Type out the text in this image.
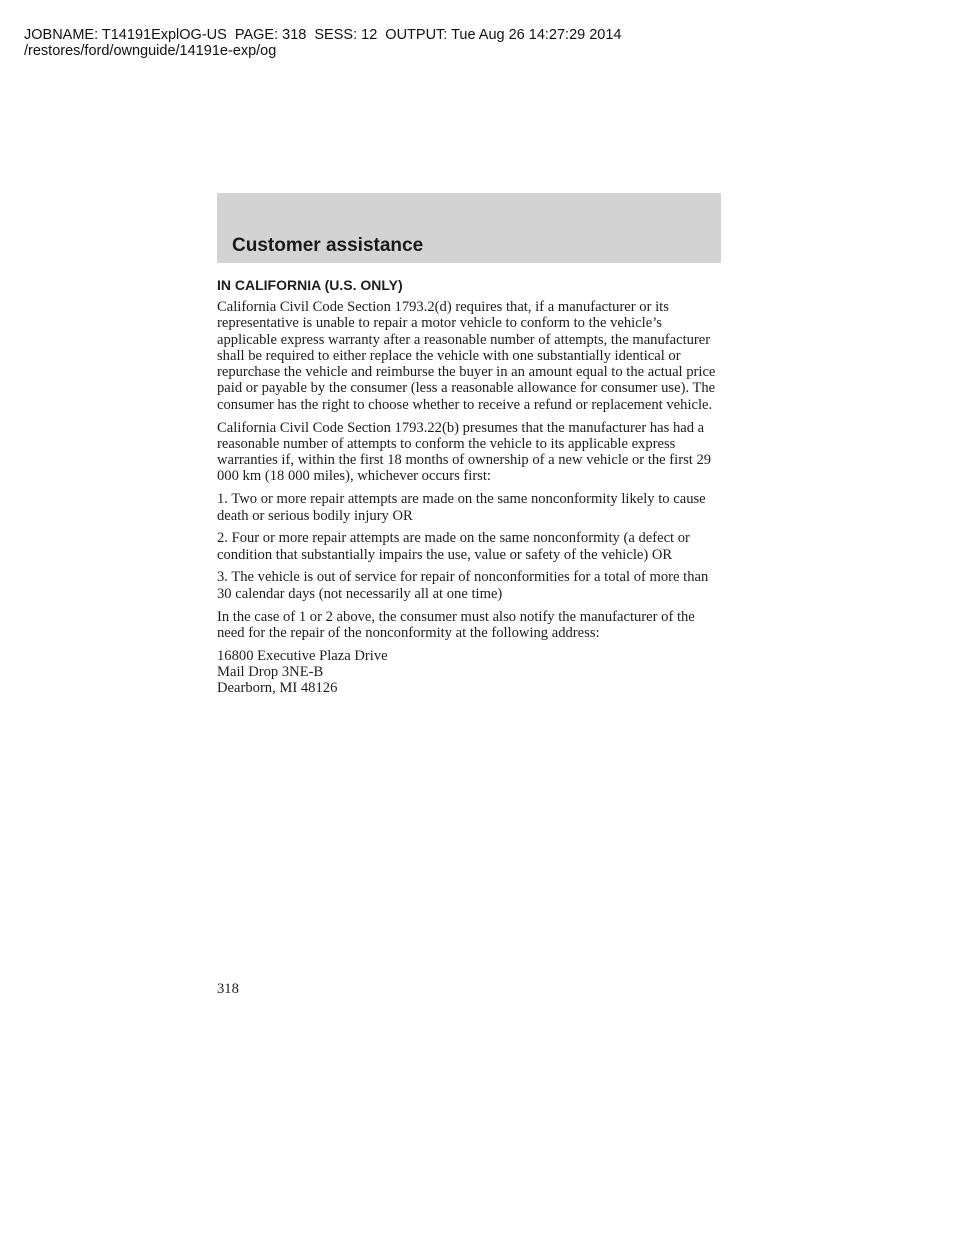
JOBNAME: T14191ExplOG-US  PAGE: 318  SESS: 12  OUTPUT: Tue Aug 26 14:27:29 2014
/restores/ford/ownguide/14191e-exp/og
Customer assistance
IN CALIFORNIA (U.S. ONLY)

California Civil Code Section 1793.2(d) requires that, if a manufacturer or its representative is unable to repair a motor vehicle to conform to the vehicle’s applicable express warranty after a reasonable number of attempts, the manufacturer shall be required to either replace the vehicle with one substantially identical or repurchase the vehicle and reimburse the buyer in an amount equal to the actual price paid or payable by the consumer (less a reasonable allowance for consumer use). The consumer has the right to choose whether to receive a refund or replacement vehicle.

California Civil Code Section 1793.22(b) presumes that the manufacturer has had a reasonable number of attempts to conform the vehicle to its applicable express warranties if, within the first 18 months of ownership of a new vehicle or the first 29 000 km (18 000 miles), whichever occurs first:

1. Two or more repair attempts are made on the same nonconformity likely to cause death or serious bodily injury OR

2. Four or more repair attempts are made on the same nonconformity (a defect or condition that substantially impairs the use, value or safety of the vehicle) OR

3. The vehicle is out of service for repair of nonconformities for a total of more than 30 calendar days (not necessarily all at one time)

In the case of 1 or 2 above, the consumer must also notify the manufacturer of the need for the repair of the nonconformity at the following address:

16800 Executive Plaza Drive
Mail Drop 3NE-B
Dearborn, MI 48126

318
